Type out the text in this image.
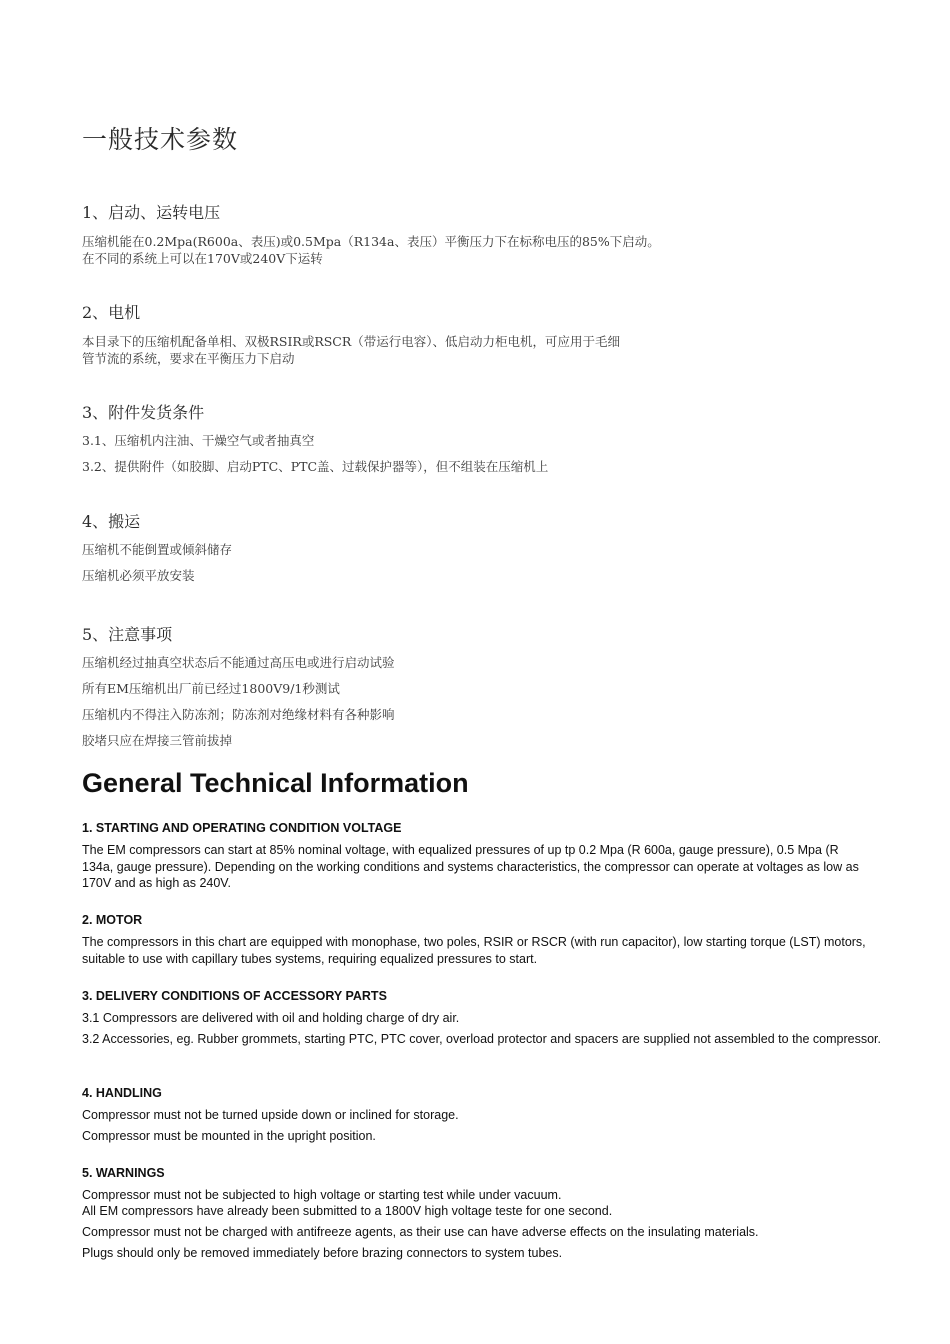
一般技术参数
1、启动、运转电压
压缩机能在0.2Mpa(R600a、表压)或0.5Mpa（R134a、表压）平衡压力下在标称电压的85%下启动。
在不同的系统上可以在170V或240V下运转
2、电机
本目录下的压缩机配备单相、双极RSIR或RSCR（带运行电容）、低启动力柜电机，可应用于毛细
管节流的系统，要求在平衡压力下启动
3、附件发货条件
3.1、压缩机内注油、干燥空气或者抽真空
3.2、提供附件（如胶脚、启动PTC、PTC盖、过载保护器等），但不组装在压缩机上
4、搬运
压缩机不能倒置或倾斜储存
压缩机必须平放安装
5、注意事项
压缩机经过抽真空状态后不能通过高压电或进行启动试验
所有EM压缩机出厂前已经过1800V9/1秒测试
压缩机内不得注入防冻剂；防冻剂对绝缘材料有各种影响
胶堵只应在焊接三管前拔掉
General Technical Information
1. STARTING AND OPERATING CONDITION VOLTAGE
The EM compressors can start at 85% nominal voltage, with equalized pressures of up tp 0.2 Mpa (R 600a, gauge pressure), 0.5 Mpa (R 134a, gauge pressure). Depending on the working conditions and systems characteristics, the compressor can operate at voltages as low as 170V and as high as 240V.
2. MOTOR
The compressors in this chart are equipped with monophase, two poles, RSIR or RSCR (with run capacitor), low starting torque (LST) motors, suitable to use with capillary tubes systems, requiring equalized pressures to start.
3. DELIVERY CONDITIONS OF ACCESSORY PARTS
3.1 Compressors are delivered with oil and holding charge of dry air.
3.2 Accessories, eg. Rubber grommets, starting PTC, PTC cover, overload protector and spacers are supplied not assembled to the compressor.
4. HANDLING
Compressor must not be turned upside down or inclined for storage.
Compressor must be mounted in the upright position.
5. WARNINGS
Compressor must not be subjected to high voltage or starting test while under vacuum.
All EM compressors have already been submitted to a 1800V high voltage teste for one second.
Compressor must not be charged with antifreeze agents, as their use can have adverse effects on the insulating materials.
Plugs should only be removed immediately before brazing connectors to system tubes.
